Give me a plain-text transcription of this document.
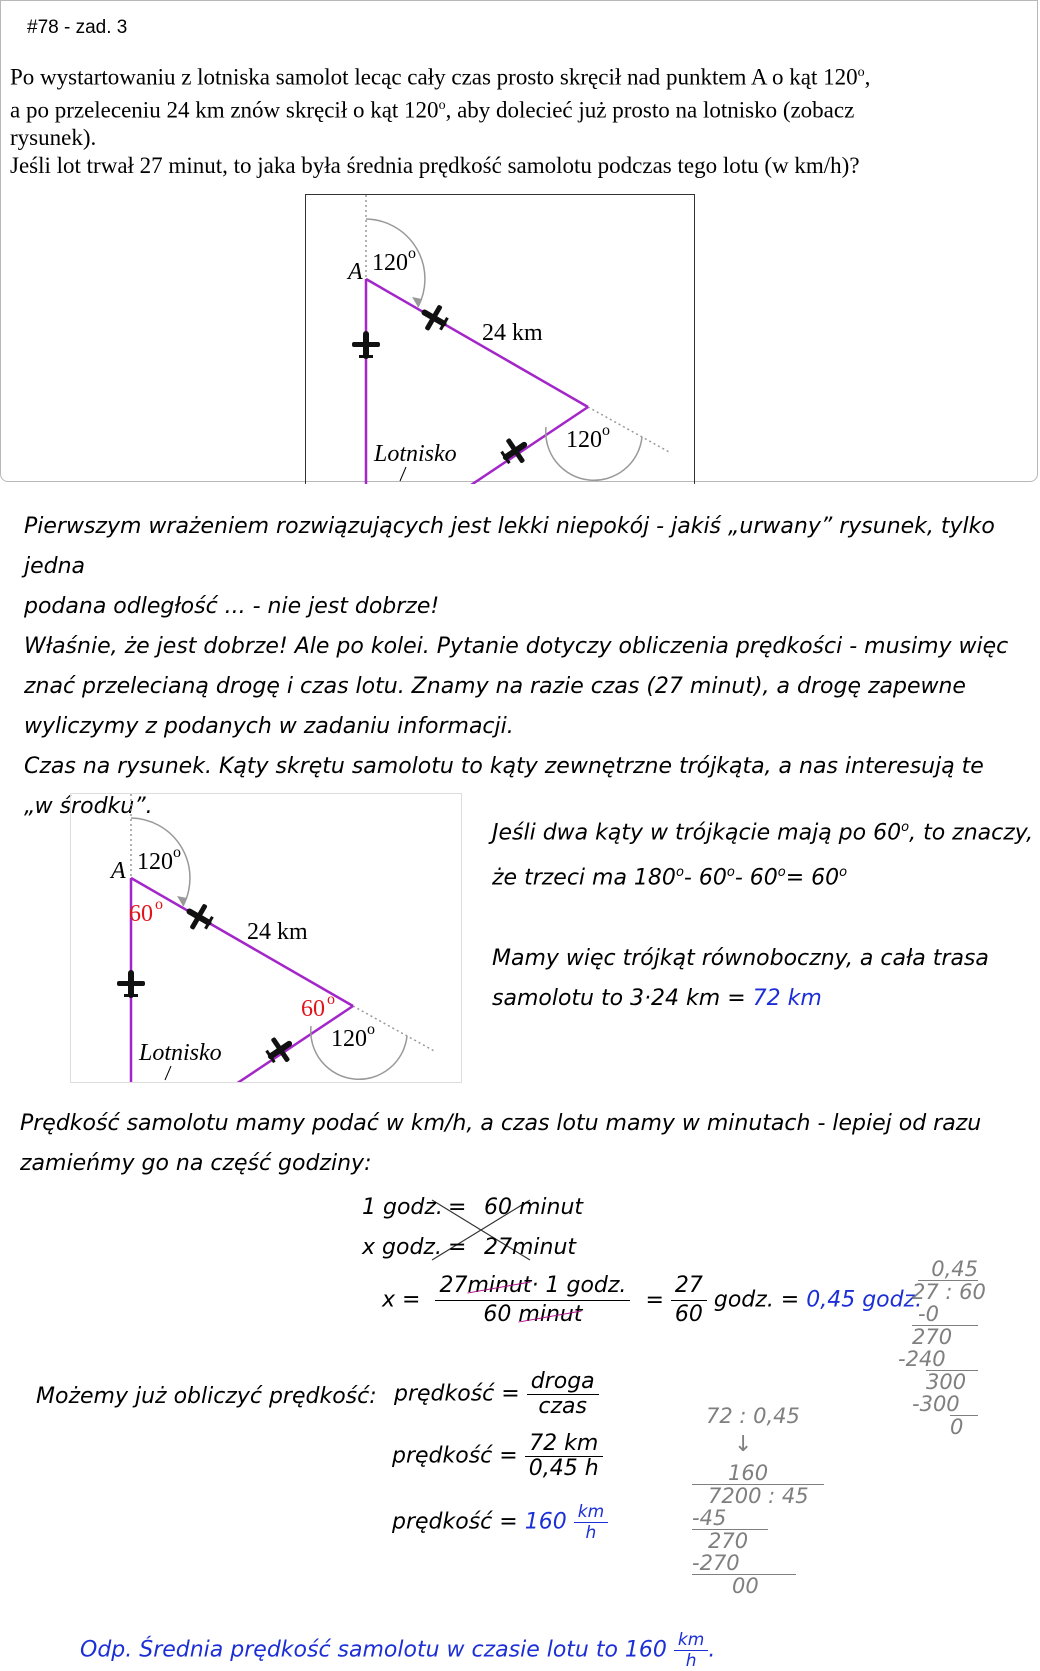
#78 - zad. 3
Po wystartowaniu z lotniska samolot lecąc cały czas prosto skręcił nad punktem A o kąt 120$^o$,
a po przeleceniu 24 km znów skręcił o kąt 120$^o$, aby dolecieć już prosto na lotnisko (zobacz
rysunek).
Jeśli lot trwał 27 minut, to jaka była średnia prędkość samolotu podczas tego lotu (w km/h)?
A 120 o
24 km
120 o
Lotnisko
Pierwszym wrażeniem rozwiązujących jest lekki niepokój - jakiś „urwany” rysunek, tylko jedna
podana odległość ... - nie jest dobrze!
Właśnie, że jest dobrze! Ale po kolei. Pytanie dotyczy obliczenia prędkości - musimy więc
znać przelecianą drogę i czas lotu. Znamy na razie czas (27 minut), a drogę zapewne
wyliczymy z podanych w zadaniu informacji.
Czas na rysunek. Kąty skrętu samolotu to kąty zewnętrzne trójkąta, a nas interesują te
„w środku”.
A 120 o
60 o
24 km
60 o
120 o
Lotnisko
Jeśli dwa kąty w trójkącie mają po 60$^o$, to znaczy,
że trzeci ma 180$^o$- 60$^o$- $60^o= 60^o$
Mamy więc trójkąt równoboczny, a cała trasa
samolotu to 3·24 km = 72 km
Prędkość samolotu mamy podać w km/h, a czas lotu mamy w minutach - lepiej od razu
zamieńmy go na część godziny:
1 godz. = 60 minut
x godz. = 27minut
$x = \frac{\text{27minut· 1 godz.}}{\text{60 minut}} = \frac{27}{60}$ godz. = 0,45 godz.
0,45
27 : 60
-0
270
-240
300
-300
0
Możemy już obliczyć prędkość: prędkość = $\frac{\text{droga}}{\text{czas}}$
prędkość = $\frac{72 km}{0,45 h}$
prędkość = $160 \frac{km}{h}$
72 : 0,45
↓
160
7200 : 45
-45
270
-270
00
Odp. Średnia prędkość samolotu w czasie lotu to $160 \frac{km}{h}$ .
